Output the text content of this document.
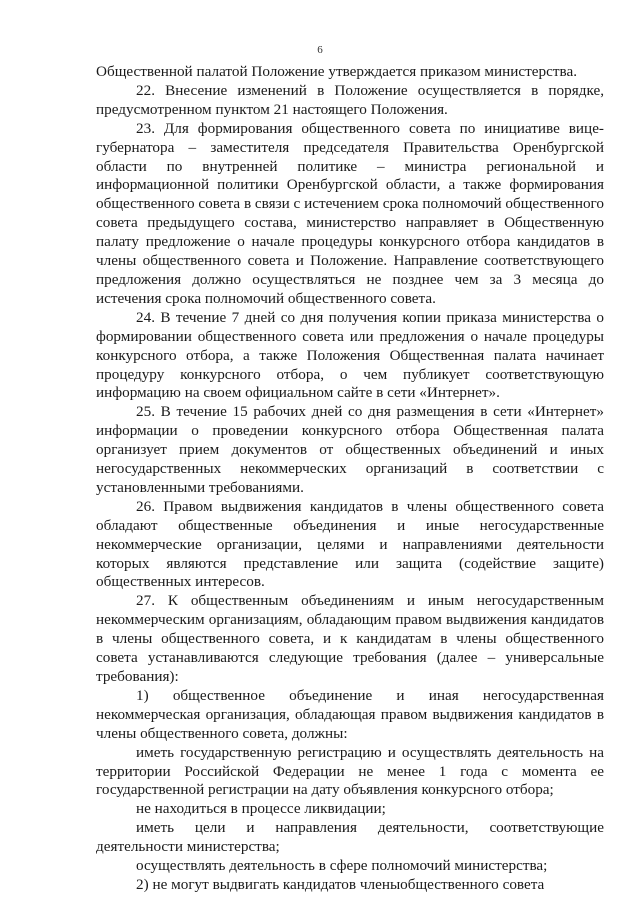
6

Общественной палатой Положение утверждается приказом министерства.

22. Внесение изменений в Положение осуществляется в порядке, предусмотренном пунктом 21 настоящего Положения.

23. Для формирования общественного совета по инициативе вице-губернатора – заместителя председателя Правительства Оренбургской области по внутренней политике – министра региональной и информационной политики Оренбургской области, а также формирования общественного совета в связи с истечением срока полномочий общественного совета предыдущего состава, министерство направляет в Общественную палату предложение о начале процедуры конкурсного отбора кандидатов в члены общественного совета и Положение. Направление соответствующего предложения должно осуществляться не позднее чем за 3 месяца до истечения срока полномочий общественного совета.

24. В течение 7 дней со дня получения копии приказа министерства о формировании общественного совета или предложения о начале процедуры конкурсного отбора, а также Положения Общественная палата начинает процедуру конкурсного отбора, о чем публикует соответствующую информацию на своем официальном сайте в сети «Интернет».

25. В течение 15 рабочих дней со дня размещения в сети «Интернет» информации о проведении конкурсного отбора Общественная палата организует прием документов от общественных объединений и иных негосударственных некоммерческих организаций в соответствии с установленными требованиями.

26. Правом выдвижения кандидатов в члены общественного совета обладают общественные объединения и иные негосударственные некоммерческие организации, целями и направлениями деятельности которых являются представление или защита (содействие защите) общественных интересов.

27. К общественным объединениям и иным негосударственным некоммерческим организациям, обладающим правом выдвижения кандидатов в члены общественного совета, и к кандидатам в члены общественного совета устанавливаются следующие требования (далее – универсальные требования):

1) общественное объединение и иная негосударственная некоммерческая организация, обладающая правом выдвижения кандидатов в члены общественного совета, должны:

иметь государственную регистрацию и осуществлять деятельность на территории Российской Федерации не менее 1 года с момента ее государственной регистрации на дату объявления конкурсного отбора;

не находиться в процессе ликвидации;

иметь цели и направления деятельности, соответствующие деятельности министерства;

осуществлять деятельность в сфере полномочий министерства;

2) не могут выдвигать кандидатов членыобщественного совета
